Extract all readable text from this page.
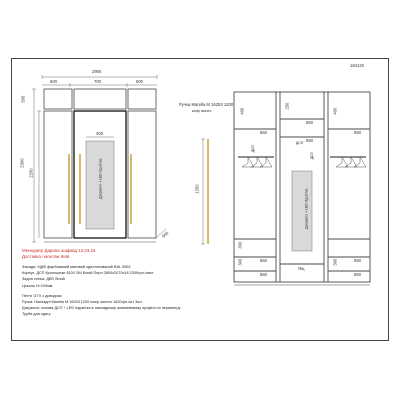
184120
2900
600	700	600
500
2300
2200
600
300
Дзеркало + LED підсвітка
Ручка Marella M 16253 1200
колір золото
1200
400
250
400
560
560
560
560
560	560
560	560
ДСП
ДСП
ДСП
Дзеркало + LED підсвітка
300
300	300
Ящ
Менеджер Дарина шафмід 12.03.24
Доставка і монтаж Київ
Фасади: МДФ фарбований матовий однотонований RAL 9003
Корпус: ДСП Кроношпан 8100 SM Білий Перл 2800х2070х18 2300грн./лист
Задня стінка: ДВП білий
Цоколь Н=100мм
Петлі: GTV з доводчик
Ручка: Накладні Marella M 16253 1200 колір золото 1620грн./шт 3шт.
Дзеркало: основа ДСП + LED підсвітка в накладному алюмінієвому профілі по периметру
Труба для одягу
